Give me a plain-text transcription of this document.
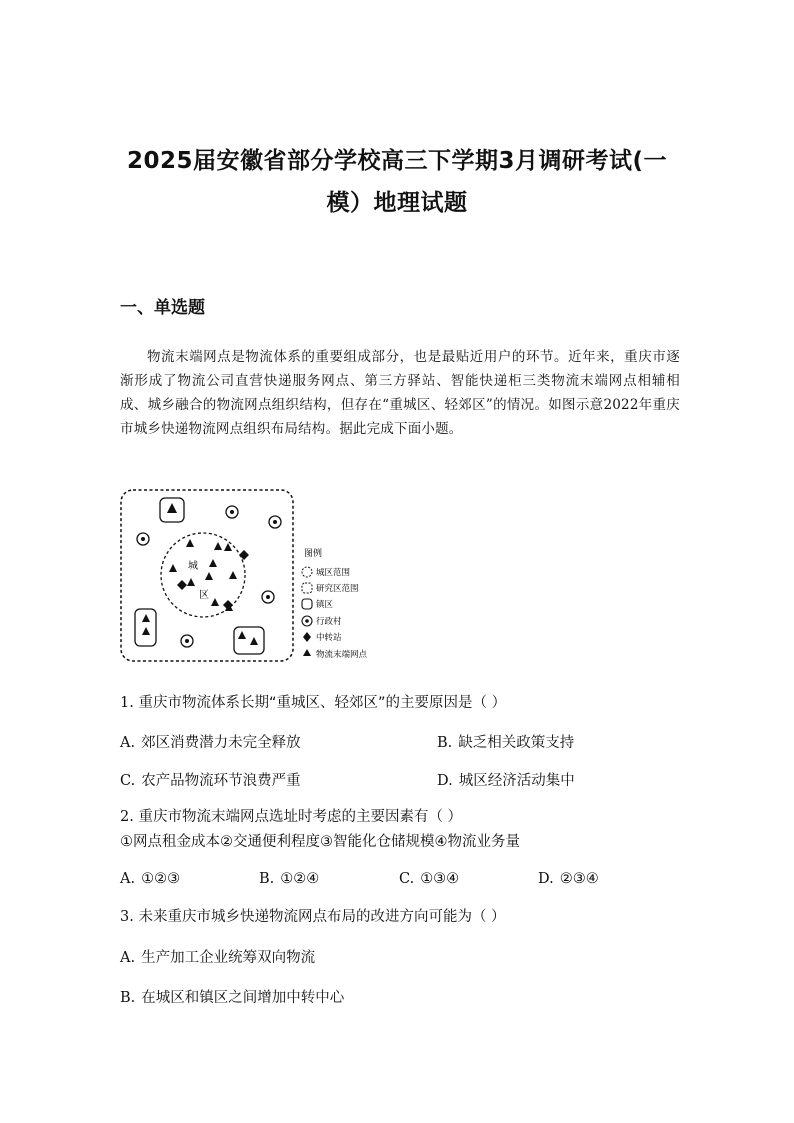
2025届安徽省部分学校高三下学期3月调研考试(一
模）地理试题
一、单选题
物流末端网点是物流体系的重要组成部分，也是最贴近用户的环节。近年来，重庆市逐渐形成了物流公司直营快递服务网点、第三方驿站、智能快递柜三类物流末端网点相辅相成、城乡融合的物流网点组织结构，但存在“重城区、轻郊区”的情况。如图示意2022年重庆市城乡快递物流网点组织布局结构。据此完成下面小题。
城
区
图例
城区范围
研究区范围
镇区
行政村
中转站
物流末端网点
1. 重庆市物流体系长期“重城区、轻郊区”的主要原因是（ ）
A. 郊区消费潜力未完全释放	B. 缺乏相关政策支持
C. 农产品物流环节浪费严重	D. 城区经济活动集中
2. 重庆市物流末端网点选址时考虑的主要因素有（ ）
①网点租金成本②交通便利程度③智能化仓储规模④物流业务量
A. ①②③	B. ①②④	C. ①③④	D. ②③④
3. 未来重庆市城乡快递物流网点布局的改进方向可能为（ ）
A. 生产加工企业统筹双向物流
B. 在城区和镇区之间增加中转中心
